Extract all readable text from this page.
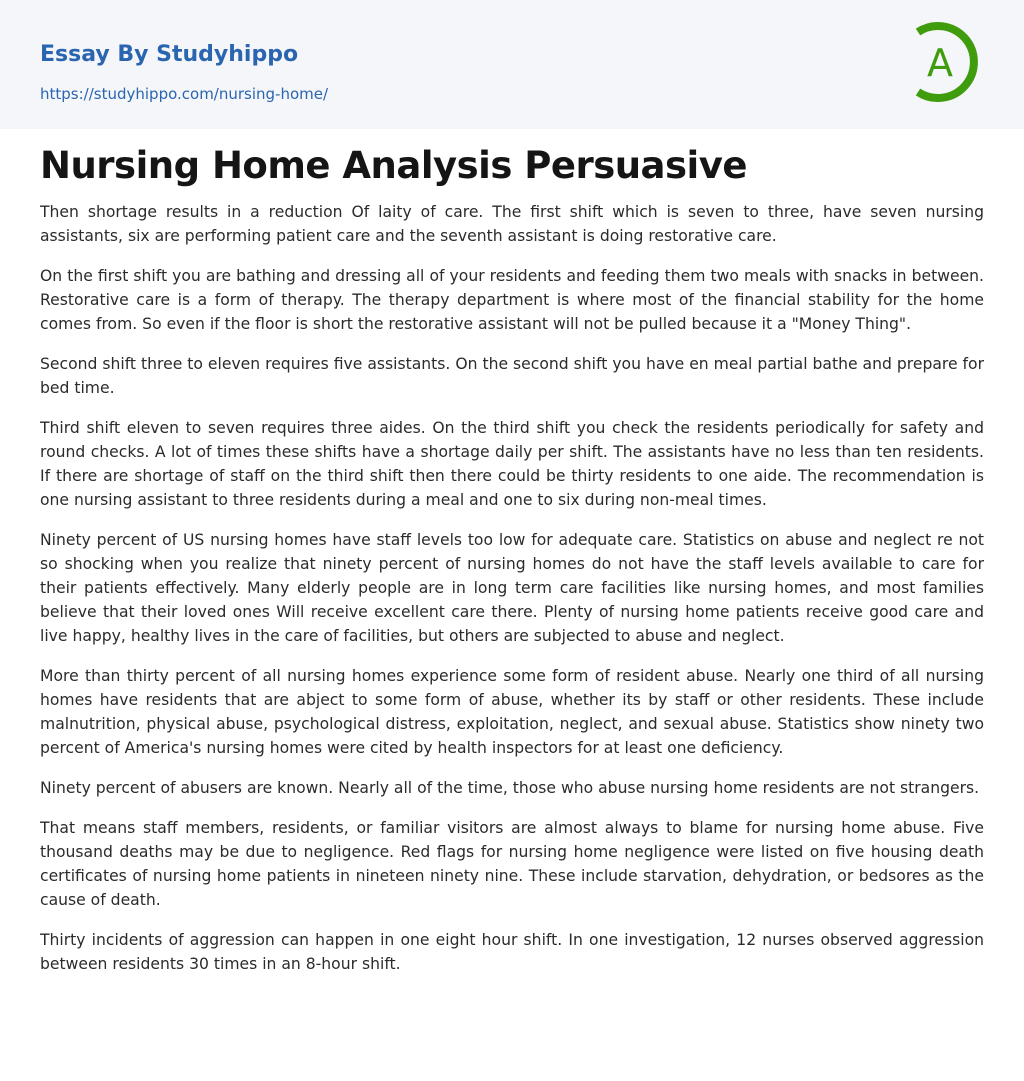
Essay By Studyhippo
https://studyhippo.com/nursing-home/
A
Nursing Home Analysis Persuasive

Then shortage results in a reduction Of laity of care. The first shift which is seven to three, have seven nursing assistants, six are performing patient care and the seventh assistant is doing restorative care.

On the first shift you are bathing and dressing all of your residents and feeding them two meals with snacks in between. Restorative care is a form of therapy. The therapy department is where most of the financial stability for the home comes from. So even if the floor is short the restorative assistant will not be pulled because it a "Money Thing".

Second shift three to eleven requires five assistants. On the second shift you have en meal partial bathe and prepare for bed time.

Third shift eleven to seven requires three aides. On the third shift you check the residents periodically for safety and round checks. A lot of times these shifts have a shortage daily per shift. The assistants have no less than ten residents. If there are shortage of staff on the third shift then there could be thirty residents to one aide. The recommendation is one nursing assistant to three residents during a meal and one to six during non-meal times.

Ninety percent of US nursing homes have staff levels too low for adequate care. Statistics on abuse and neglect re not so shocking when you realize that ninety percent of nursing homes do not have the staff levels available to care for their patients effectively. Many elderly people are in long term care facilities like nursing homes, and most families believe that their loved ones Will receive excellent care there. Plenty of nursing home patients receive good care and live happy, healthy lives in the care of facilities, but others are subjected to abuse and neglect.

More than thirty percent of all nursing homes experience some form of resident abuse. Nearly one third of all nursing homes have residents that are abject to some form of abuse, whether its by staff or other residents. These include malnutrition, physical abuse, psychological distress, exploitation, neglect, and sexual abuse. Statistics show ninety two percent of America's nursing homes were cited by health inspectors for at least one deficiency.

Ninety percent of abusers are known. Nearly all of the time, those who abuse nursing home residents are not strangers.

That means staff members, residents, or familiar visitors are almost always to blame for nursing home abuse. Five thousand deaths may be due to negligence. Red flags for nursing home negligence were listed on five housing death certificates of nursing home patients in nineteen ninety nine. These include starvation, dehydration, or bedsores as the cause of death.

Thirty incidents of aggression can happen in one eight hour shift. In one investigation, 12 nurses observed aggression between residents 30 times in an 8-hour shift.
